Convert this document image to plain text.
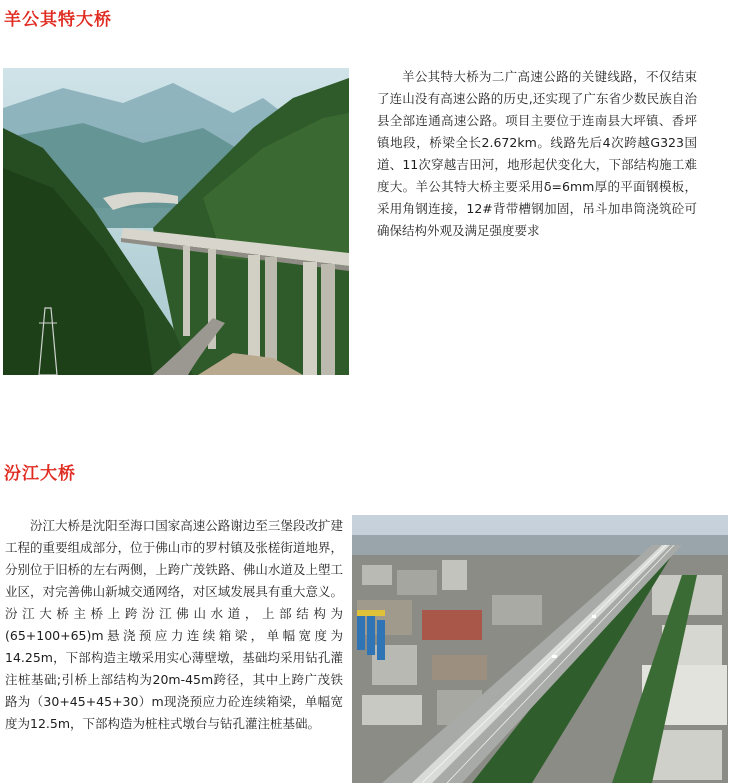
羊公其特大桥

羊公其特大桥为二广高速公路的关键线路，不仅结束了连山没有高速公路的历史,还实现了广东省少数民族自治县全部连通高速公路。项目主要位于连南县大坪镇、香坪镇地段，桥梁全长2.672km。线路先后4次跨越G323国道、11次穿越吉田河，地形起伏变化大，下部结构施工难度大。羊公其特大桥主要采用δ=6mm厚的平面钢模板，采用角钢连接，12#背带槽钢加固，吊斗加串筒浇筑砼可确保结构外观及满足强度要求

汾江大桥

汾江大桥是沈阳至海口国家高速公路谢边至三堡段改扩建工程的重要组成部分，位于佛山市的罗村镇及张槎街道地界，分别位于旧桥的左右两侧，上跨广茂铁路、佛山水道及上塱工业区，对完善佛山新城交通网络，对区域发展具有重大意义。汾江大桥主桥上跨汾江佛山水道，上部结构为(65+100+65)m悬浇预应力连续箱梁，单幅宽度为14.25m，下部构造主墩采用实心薄壁墩，基础均采用钻孔灌注桩基础;引桥上部结构为20m-45m跨径，其中上跨广茂铁路为（30+45+45+30）m现浇预应力砼连续箱梁，单幅宽度为12.5m，下部构造为桩柱式墩台与钻孔灌注桩基础。
